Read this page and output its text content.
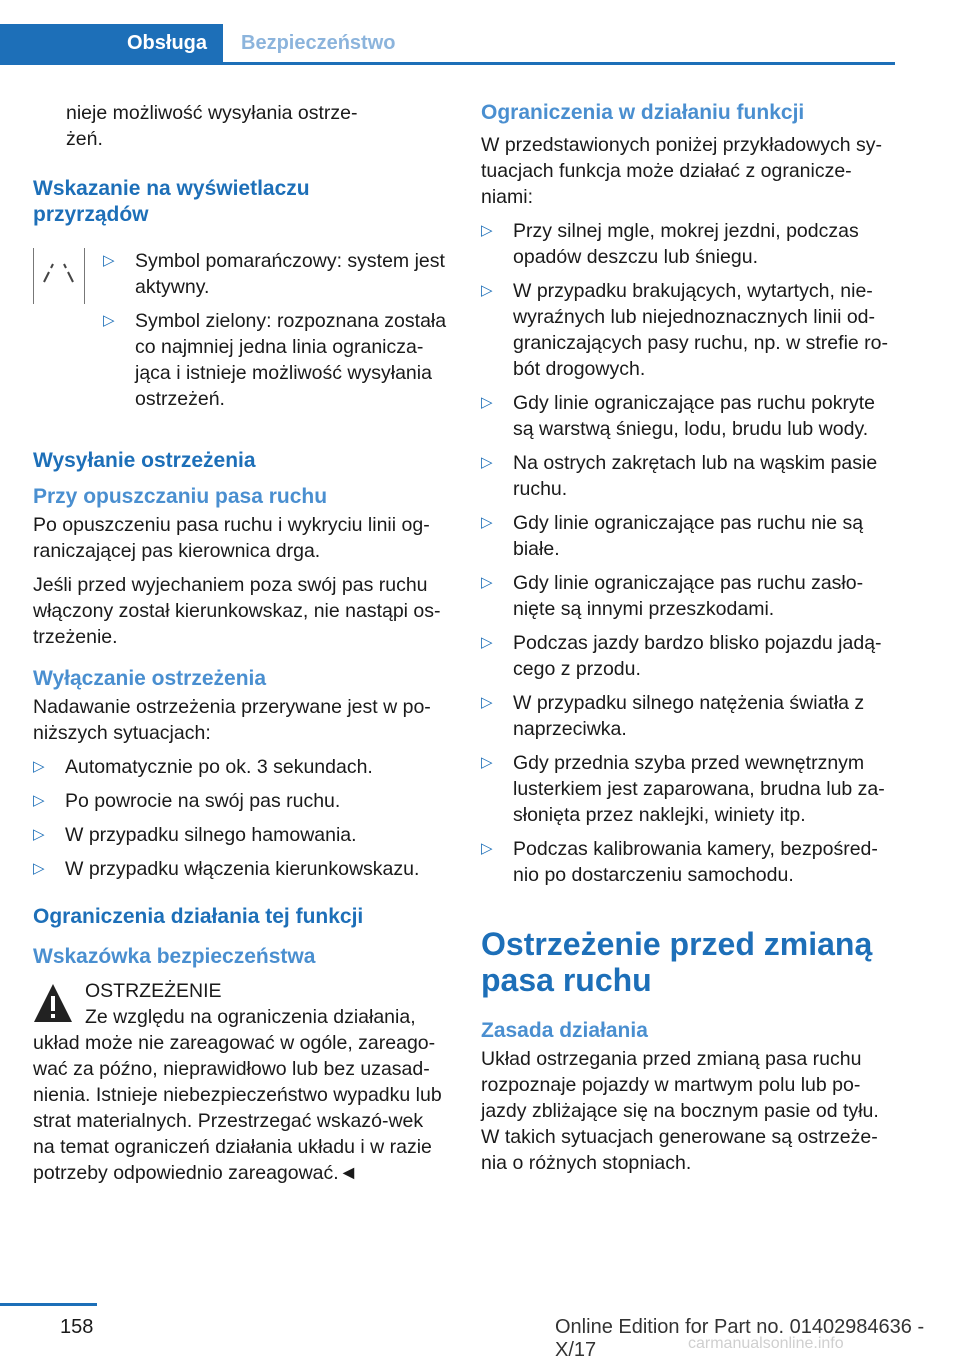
Obsługa	Bezpieczeństwo

nieje możliwość wysyłania ostrze-
żeń.

Wskazanie na wyświetlaczu przyrządów
▷ Symbol pomarańczowy: system jest aktywny.
▷ Symbol zielony: rozpoznana została co najmniej jedna linia ogranicza-jąca i istnieje możliwość wysyłania ostrzeżeń.
Wysyłanie ostrzeżenia
Przy opuszczaniu pasa ruchu

Po opuszczeniu pasa ruchu i wykryciu linii og-raniczającej pas kierownica drga.

Jeśli przed wyjechaniem poza swój pas ruchu włączony został kierunkowskaz, nie nastąpi os-trzeżenie.

Wyłączanie ostrzeżenia

Nadawanie ostrzeżenia przerywane jest w po-niższych sytuacjach:

▷ Automatycznie po ok. 3 sekundach.
▷ Po powrocie na swój pas ruchu.
▷ W przypadku silnego hamowania.
▷ W przypadku włączenia kierunkowskazu.
Ograniczenia działania tej funkcji
Wskazówka bezpieczeństwa
OSTRZEŻENIE
Ze względu na ograniczenia działania, układ może nie zareagować w ogóle, zareago-wać za późno, nieprawidłowo lub bez uzasad-nienia. Istnieje niebezpieczeństwo wypadku lub strat materialnych. Przestrzegać wskazó-wek na temat ograniczeń działania układu i w razie potrzeby odpowiednio zareagować.◄
Ograniczenia w działaniu funkcji

W przedstawionych poniżej przykładowych sy-tuacjach funkcja może działać z ogranicze-niami:

▷ Przy silnej mgle, mokrej jezdni, podczas opadów deszczu lub śniegu.
▷ W przypadku brakujących, wytartych, nie-wyraźnych lub niejednoznacznych linii od-graniczających pasy ruchu, np. w strefie ro-bót drogowych.
▷ Gdy linie ograniczające pas ruchu pokryte są warstwą śniegu, lodu, brudu lub wody.
▷ Na ostrych zakrętach lub na wąskim pasie ruchu.
▷ Gdy linie ograniczające pas ruchu nie są białe.
▷ Gdy linie ograniczające pas ruchu zasło-nięte są innymi przeszkodami.
▷ Podczas jazdy bardzo blisko pojazdu jadą-cego z przodu.
▷ W przypadku silnego natężenia światła z naprzeciwka.
▷ Gdy przednia szyba przed wewnętrznym lusterkiem jest zaparowana, brudna lub za-słonięta przez naklejki, winiety itp.
▷ Podczas kalibrowania kamery, bezpośred-nio po dostarczeniu samochodu.
Ostrzeżenie przed zmianą pasa ruchu
Zasada działania

Układ ostrzegania przed zmianą pasa ruchu rozpoznaje pojazdy w martwym polu lub po-jazdy zbliżające się na bocznym pasie od tyłu. W takich sytuacjach generowane są ostrzeże-nia o różnych stopniach.

158	Online Edition for Part no. 01402984636 - X/17	carmanualsonline.info
